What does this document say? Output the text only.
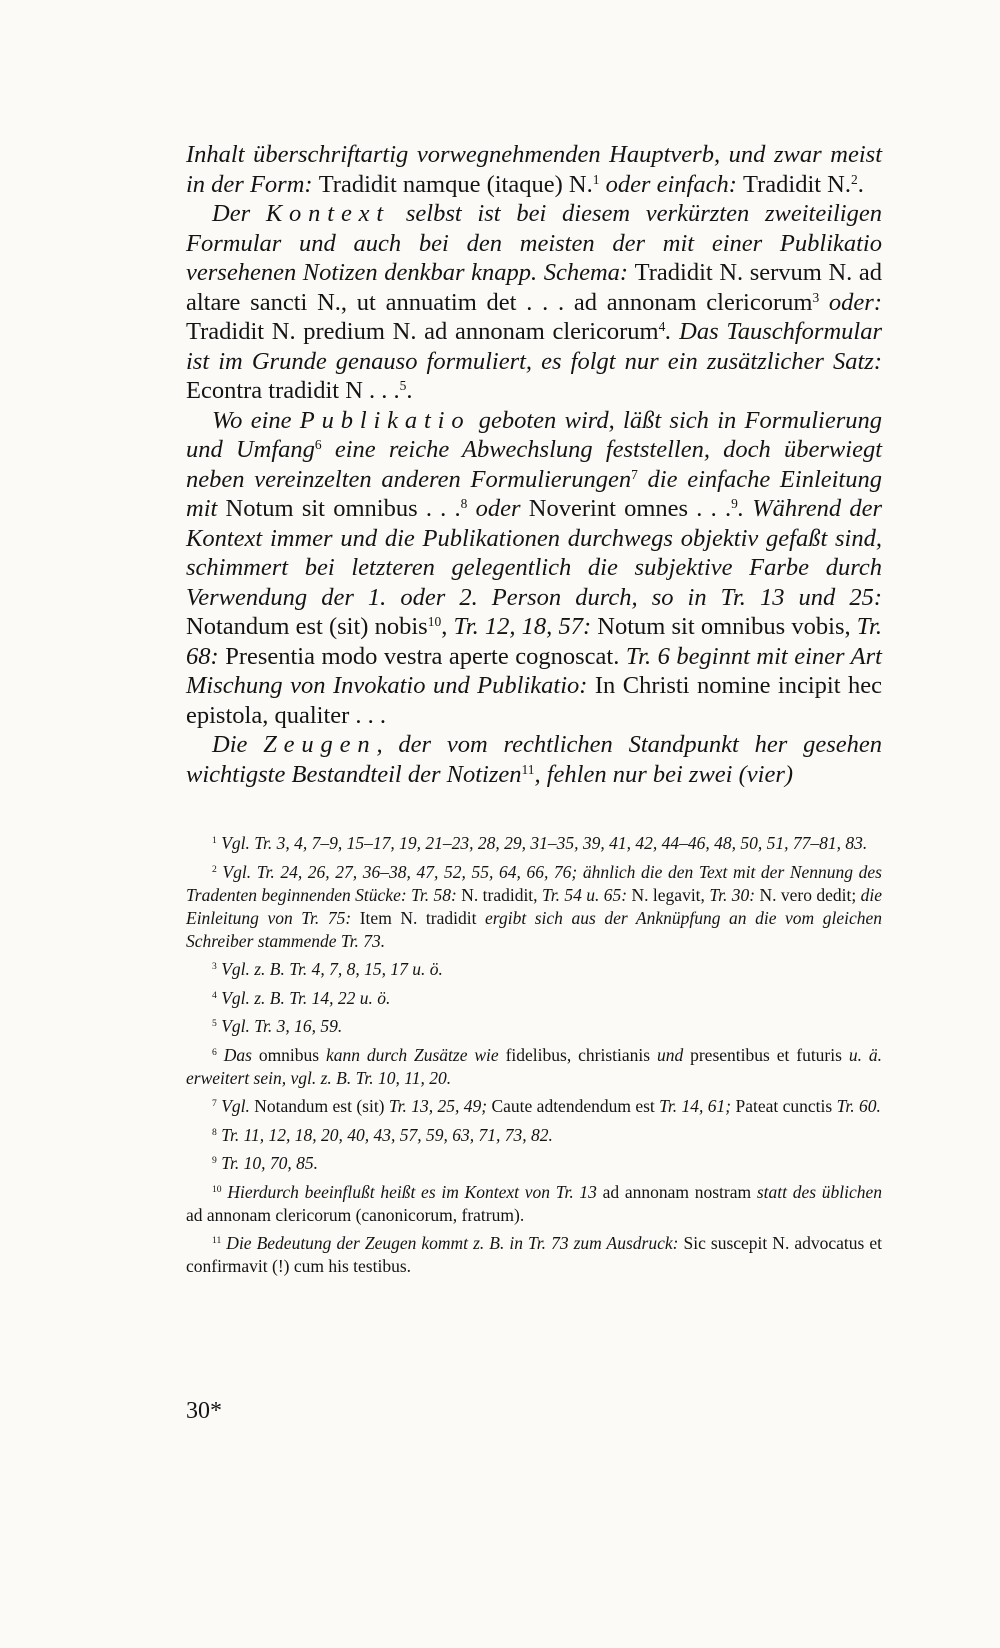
Inhalt überschriftartig vorwegnehmenden Hauptverb, und zwar meist in der Form: Tradidit namque (itaque) N.$^1$ oder einfach: Tradidit N.$^2$.

Der Kontext selbst ist bei diesem verkürzten zweiteiligen Formular und auch bei den meisten der mit einer Publikatio versehenen Notizen denkbar knapp. Schema: Tradidit N. servum N. ad altare sancti N., ut annuatim det . . . ad annonam clericorum$^3$ oder: Tradidit N. predium N. ad annonam clericorum$^4$. Das Tauschformular ist im Grunde genauso formuliert, es folgt nur ein zusätzlicher Satz: Econtra tradidit N . . .$^5$.

Wo eine Publikatio geboten wird, läßt sich in Formulierung und Umfang$^6$ eine reiche Abwechslung feststellen, doch überwiegt neben vereinzelten anderen Formulierungen$^7$ die einfache Einleitung mit Notum sit omnibus . . .$^8$ oder Noverint omnes . . .$^9$. Während der Kontext immer und die Publikationen durchwegs objektiv gefaßt sind, schimmert bei letzteren gelegentlich die subjektive Farbe durch Verwendung der 1. oder 2. Person durch, so in Tr. 13 und 25: Notandum est (sit) nobis$^{10}$, Tr. 12, 18, 57: Notum sit omnibus vobis, Tr. 68: Presentia modo vestra aperte cognoscat. Tr. 6 beginnt mit einer Art Mischung von Invokatio und Publikatio: In Christi nomine incipit hec epistola, qualiter . . .

Die Zeugen, der vom rechtlichen Standpunkt her gesehen wichtigste Bestandteil der Notizen$^{11}$, fehlen nur bei zwei (vier)

$^1$ Vgl. Tr. 3, 4, 7–9, 15–17, 19, 21–23, 28, 29, 31–35, 39, 41, 42, 44–46, 48, 50, 51, 77–81, 83.

$^2$ Vgl. Tr. 24, 26, 27, 36–38, 47, 52, 55, 64, 66, 76; ähnlich die den Text mit der Nennung des Tradenten beginnenden Stücke: Tr. 58: N. tradidit, Tr. 54 u. 65: N. legavit, Tr. 30: N. vero dedit; die Einleitung von Tr. 75: Item N. tradidit ergibt sich aus der Anknüpfung an die vom gleichen Schreiber stammende Tr. 73.

$^3$ Vgl. z. B. Tr. 4, 7, 8, 15, 17 u. ö.

$^4$ Vgl. z. B. Tr. 14, 22 u. ö.

$^5$ Vgl. Tr. 3, 16, 59.

$^6$ Das omnibus kann durch Zusätze wie fidelibus, christianis und presentibus et futuris u. ä. erweitert sein, vgl. z. B. Tr. 10, 11, 20.

$^7$ Vgl. Notandum est (sit) Tr. 13, 25, 49; Caute adtendendum est Tr. 14, 61; Pateat cunctis Tr. 60.

$^8$ Tr. 11, 12, 18, 20, 40, 43, 57, 59, 63, 71, 73, 82.

$^9$ Tr. 10, 70, 85.

$^{10}$ Hierdurch beeinflußt heißt es im Kontext von Tr. 13 ad annonam nostram statt des üblichen ad annonam clericorum (canonicorum, fratrum).

$^{11}$ Die Bedeutung der Zeugen kommt z. B. in Tr. 73 zum Ausdruck: Sic suscepit N. advocatus et confirmavit (!) cum his testibus.

30*
